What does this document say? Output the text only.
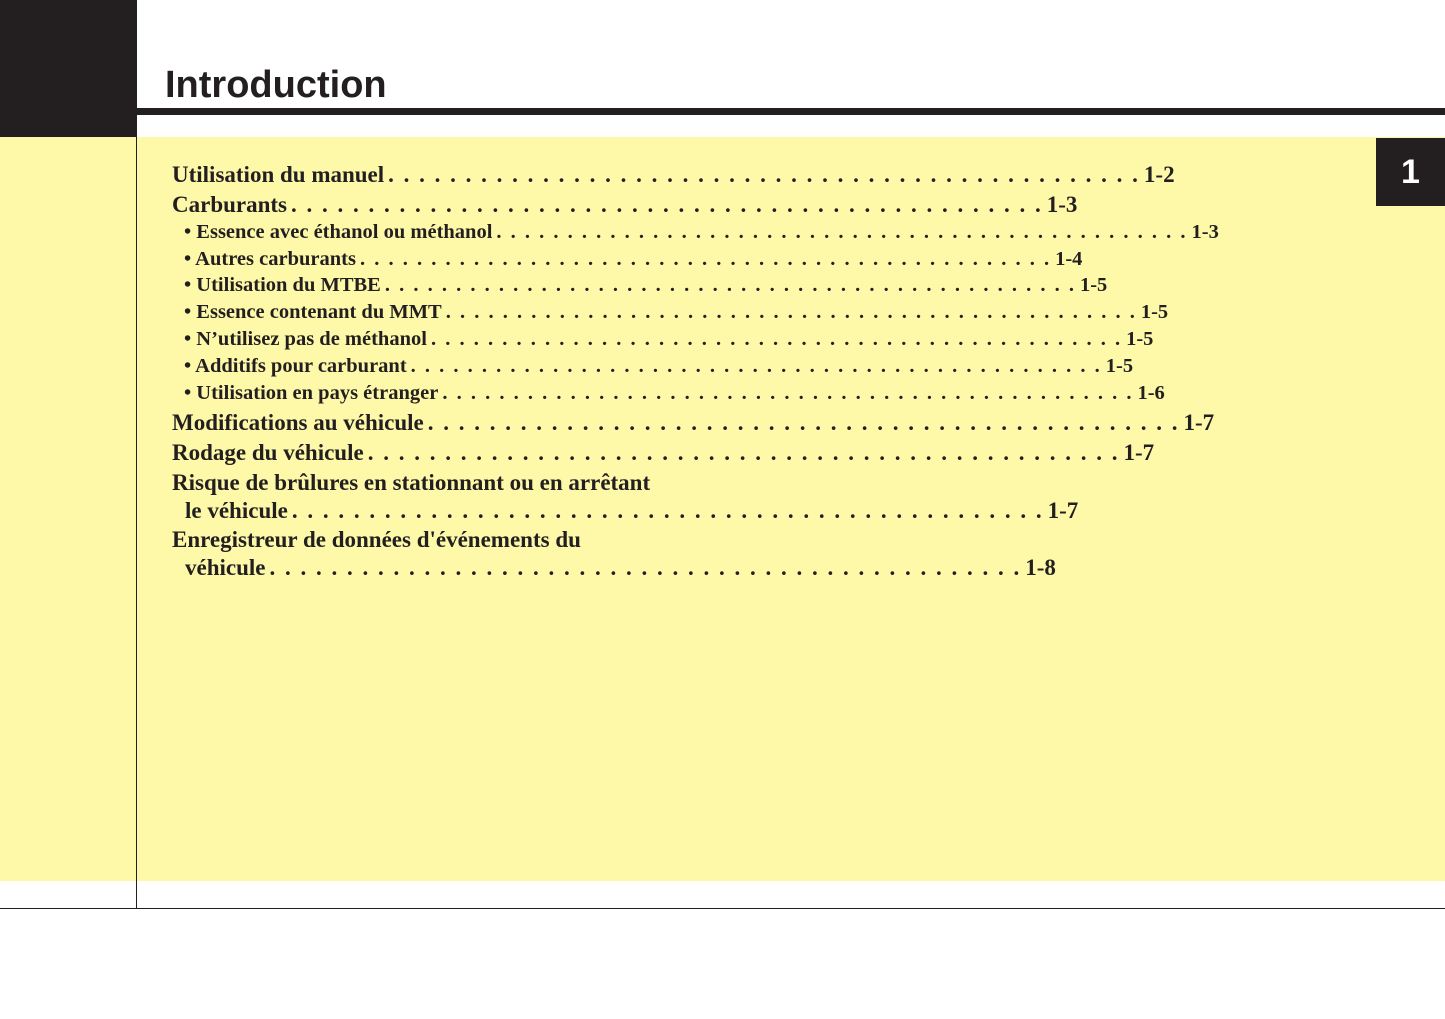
Introduction
1
Utilisation du manuel . . . . . . . . . . . . . . . . . . . . . . . . . . . . . . . . . . . . . . . . . . . . . . . . . 1-2
Carburants . . . . . . . . . . . . . . . . . . . . . . . . . . . . . . . . . . . . . . . . . . . . . . . . . 1-3
• Essence avec éthanol ou méthanol . . . . . . . . . . . . . . . . . . . . . . . . . . . . . . . . . . . . . . . . . . . . . . . . . 1-3
• Autres carburants . . . . . . . . . . . . . . . . . . . . . . . . . . . . . . . . . . . . . . . . . . . . . . . . . 1-4
• Utilisation du MTBE . . . . . . . . . . . . . . . . . . . . . . . . . . . . . . . . . . . . . . . . . . . . . . . . . 1-5
• Essence contenant du MMT . . . . . . . . . . . . . . . . . . . . . . . . . . . . . . . . . . . . . . . . . . . . . . . . . 1-5
• N’utilisez pas de méthanol . . . . . . . . . . . . . . . . . . . . . . . . . . . . . . . . . . . . . . . . . . . . . . . . . 1-5
• Additifs pour carburant . . . . . . . . . . . . . . . . . . . . . . . . . . . . . . . . . . . . . . . . . . . . . . . . . 1-5
• Utilisation en pays étranger . . . . . . . . . . . . . . . . . . . . . . . . . . . . . . . . . . . . . . . . . . . . . . . . . 1-6
Modifications au véhicule . . . . . . . . . . . . . . . . . . . . . . . . . . . . . . . . . . . . . . . . . . . . . . . . . 1-7
Rodage du véhicule . . . . . . . . . . . . . . . . . . . . . . . . . . . . . . . . . . . . . . . . . . . . . . . . . 1-7
Risque de brûlures en stationnant ou en arrêtant
le véhicule . . . . . . . . . . . . . . . . . . . . . . . . . . . . . . . . . . . . . . . . . . . . . . . . . 1-7
Enregistreur de données d'événements du
véhicule . . . . . . . . . . . . . . . . . . . . . . . . . . . . . . . . . . . . . . . . . . . . . . . . . 1-8
